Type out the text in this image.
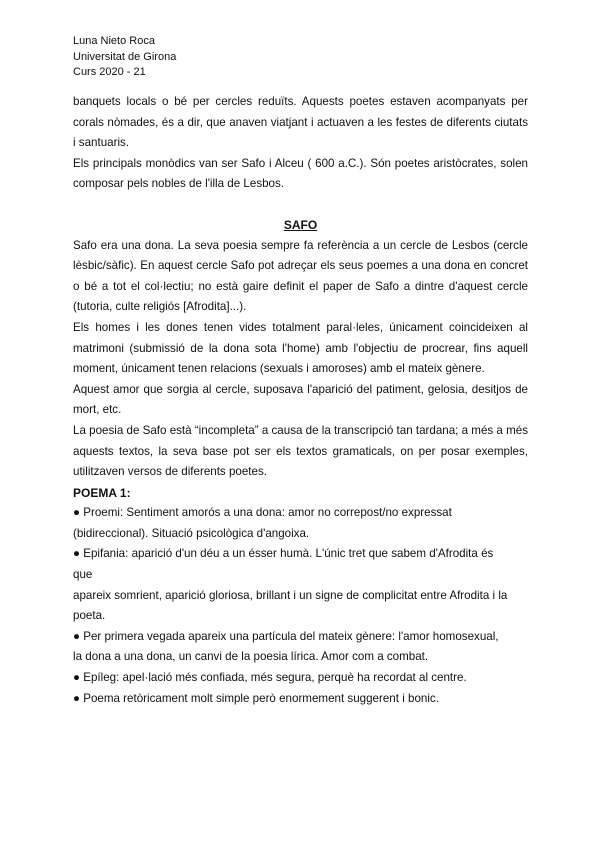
Luna Nieto Roca
Universitat de Girona
Curs 2020 - 21

banquets locals o bé per cercles reduïts. Aquests poetes estaven acompanyats per corals nòmades, és a dir, que anaven viatjant i actuaven a les festes de diferents ciutats i santuaris.

Els principals monòdics van ser Safo i Alceu ( 600 a.C.). Són poetes aristòcrates, solen composar pels nobles de l'illa de Lesbos.

SAFO

Safo era una dona. La seva poesia sempre fa referència a un cercle de Lesbos (cercle lèsbic/sàfic). En aquest cercle Safo pot adreçar els seus poemes a una dona en concret o bé a tot el col·lectiu; no està gaire definit el paper de Safo a dintre d'aquest cercle (tutoria, culte religiós [Afrodita]...).

Els homes i les dones tenen vides totalment paral·leles, únicament coincideixen al matrimoni (submissió de la dona sota l'home) amb l'objectiu de procrear, fins aquell moment, únicament tenen relacions (sexuals i amoroses) amb el mateix gènere.

Aquest amor que sorgia al cercle, suposava l'aparició del patiment, gelosia, desitjos de mort, etc.

La poesia de Safo està “incompleta” a causa de la transcripció tan tardana; a més a més aquests textos, la seva base pot ser els textos gramaticals, on per posar exemples, utilitzaven versos de diferents poetes.

POEMA 1:

● Proemi: Sentiment amorós a una dona: amor no correpost/no expressat

(bidireccional). Situació psicològica d'angoixa.

● Epifania: aparició d'un déu a un ésser humà. L'únic tret que sabem d'Afrodita és

que

apareix somrient, aparició gloriosa, brillant i un signe de complicitat entre Afrodita i la poeta.

● Per primera vegada apareix una partícula del mateix gènere: l'amor homosexual,

la dona a una dona, un canvi de la poesia lírica. Amor com a combat.

● Epíleg: apel·lació més confiada, més segura, perquè ha recordat al centre.

● Poema retòricament molt simple però enormement suggerent i bonic.
